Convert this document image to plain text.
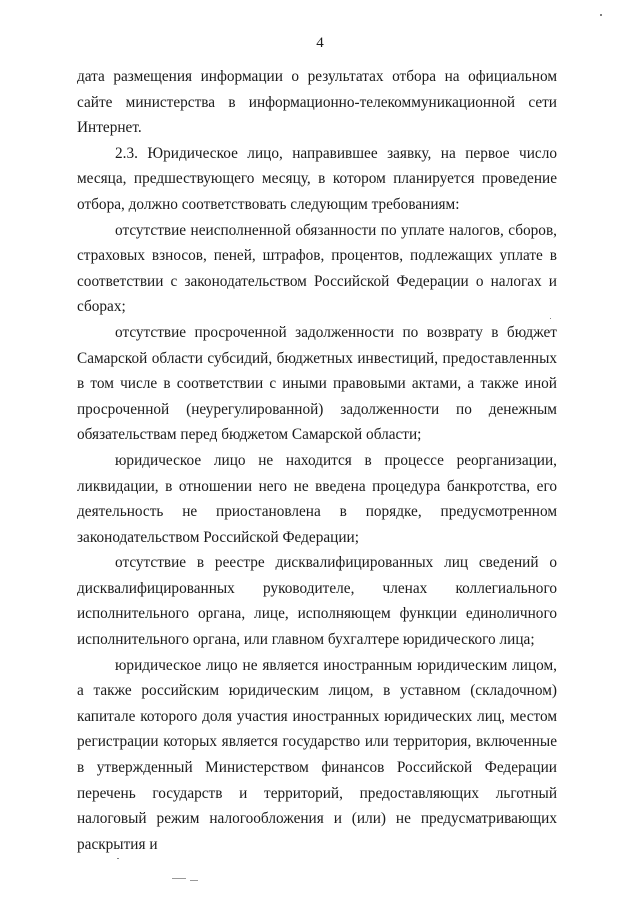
4

дата размещения информации о результатах отбора на официальном сайте министерства в информационно-телекоммуникационной сети Интернет.

2.3. Юридическое лицо, направившее заявку, на первое число месяца, предшествующего месяцу, в котором планируется проведение отбора, должно соответствовать следующим требованиям:

отсутствие неисполненной обязанности по уплате налогов, сборов, страховых взносов, пеней, штрафов, процентов, подлежащих уплате в соответствии с законодательством Российской Федерации о налогах и сборах;

отсутствие просроченной задолженности по возврату в бюджет Самарской области субсидий, бюджетных инвестиций, предоставленных в том числе в соответствии с иными правовыми актами, а также иной просроченной (неурегулированной) задолженности по денежным обязательствам перед бюджетом Самарской области;

юридическое лицо не находится в процессе реорганизации, ликвидации, в отношении него не введена процедура банкротства, его деятельность не приостановлена в порядке, предусмотренном законодательством Российской Федерации;

отсутствие в реестре дисквалифицированных лиц сведений о дисквалифицированных руководителе, членах коллегиального исполнительного органа, лице, исполняющем функции единоличного исполнительного органа, или главном бухгалтере юридического лица;

юридическое лицо не является иностранным юридическим лицом, а также российским юридическим лицом, в уставном (складочном) капитале которого доля участия иностранных юридических лиц, местом регистрации которых является государство или территория, включенные в утвержденный Министерством финансов Российской Федерации перечень государств и территорий, предоставляющих льготный налоговый режим налогообложения и (или) не предусматривающих раскрытия и
